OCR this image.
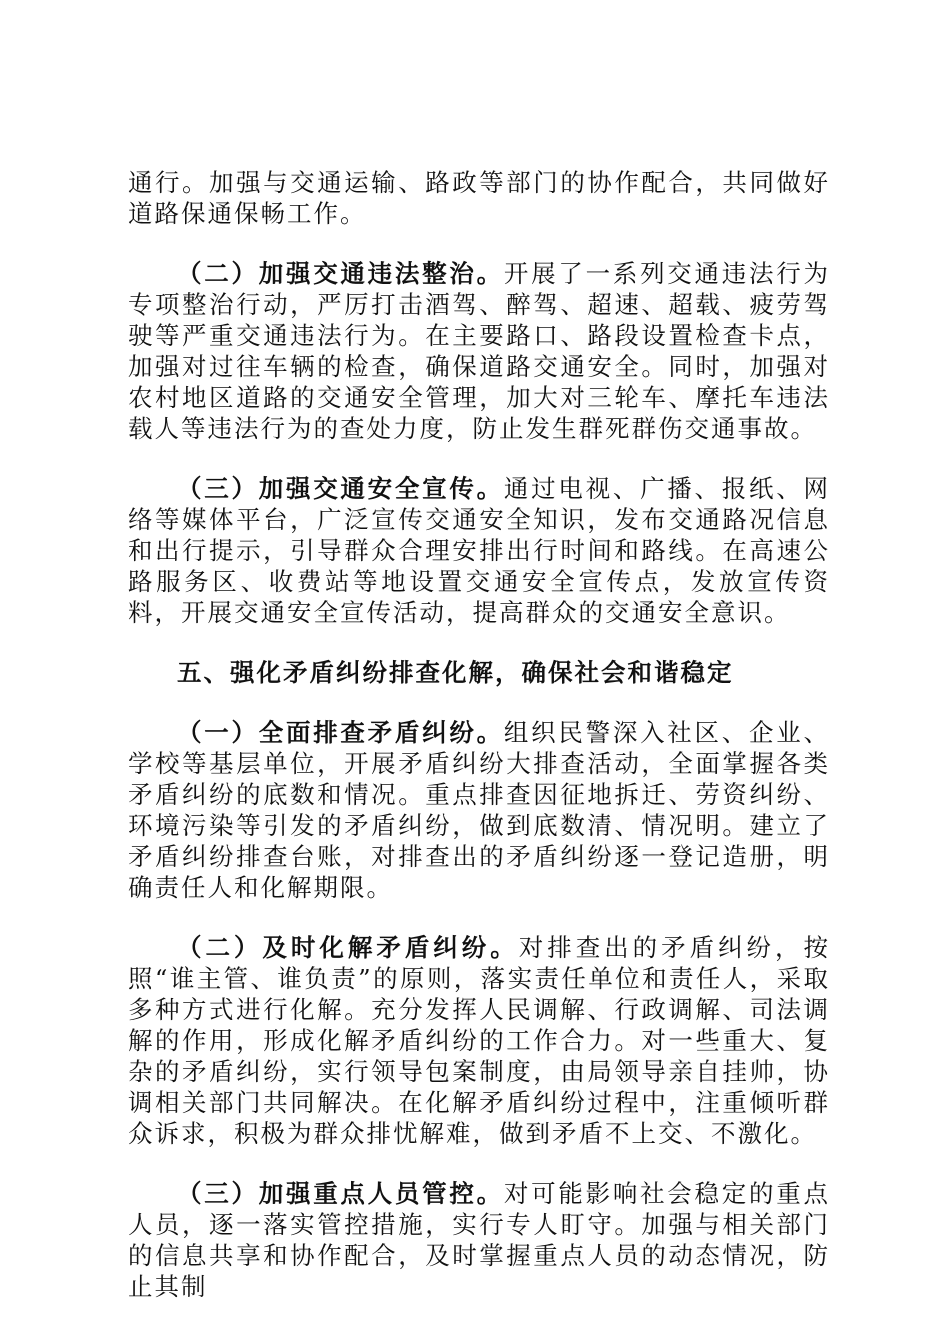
通行。加强与交通运输、路政等部门的协作配合，共同做好道路保通保畅工作。

（二）加强交通违法整治。开展了一系列交通违法行为专项整治行动，严厉打击酒驾、醉驾、超速、超载、疲劳驾驶等严重交通违法行为。在主要路口、路段设置检查卡点，加强对过往车辆的检查，确保道路交通安全。同时，加强对农村地区道路的交通安全管理，加大对三轮车、摩托车违法载人等违法行为的查处力度，防止发生群死群伤交通事故。

（三）加强交通安全宣传。通过电视、广播、报纸、网络等媒体平台，广泛宣传交通安全知识，发布交通路况信息和出行提示，引导群众合理安排出行时间和路线。在高速公路服务区、收费站等地设置交通安全宣传点，发放宣传资料，开展交通安全宣传活动，提高群众的交通安全意识。

五、强化矛盾纠纷排查化解，确保社会和谐稳定

（一）全面排查矛盾纠纷。组织民警深入社区、企业、学校等基层单位，开展矛盾纠纷大排查活动，全面掌握各类矛盾纠纷的底数和情况。重点排查因征地拆迁、劳资纠纷、环境污染等引发的矛盾纠纷，做到底数清、情况明。建立了矛盾纠纷排查台账，对排查出的矛盾纠纷逐一登记造册，明确责任人和化解期限。

（二）及时化解矛盾纠纷。对排查出的矛盾纠纷，按照“谁主管、谁负责”的原则，落实责任单位和责任人，采取多种方式进行化解。充分发挥人民调解、行政调解、司法调解的作用，形成化解矛盾纠纷的工作合力。对一些重大、复杂的矛盾纠纷，实行领导包案制度，由局领导亲自挂帅，协调相关部门共同解决。在化解矛盾纠纷过程中，注重倾听群众诉求，积极为群众排忧解难，做到矛盾不上交、不激化。

（三）加强重点人员管控。对可能影响社会稳定的重点人员，逐一落实管控措施，实行专人盯守。加强与相关部门的信息共享和协作配合，及时掌握重点人员的动态情况，防止其制
